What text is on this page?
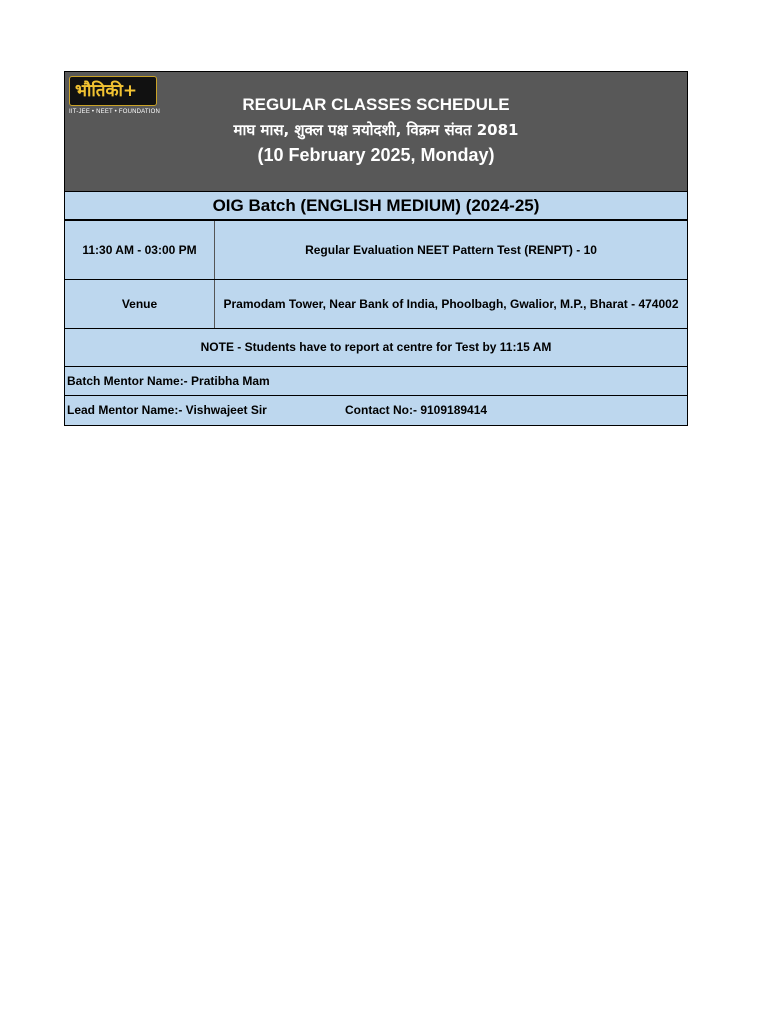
भौतिकी+
IIT-JEE • NEET • FOUNDATION	REGULAR CLASSES SCHEDULE
माघ मास, शुक्ल पक्ष त्रयोदशी, विक्रम संवत 2081
(10 February 2025, Monday)
OIG Batch (ENGLISH MEDIUM) (2024-25)
11:30 AM - 03:00 PM	Regular Evaluation NEET Pattern Test (RENPT) - 10
Venue	Pramodam Tower, Near Bank of India, Phoolbagh, Gwalior, M.P., Bharat - 474002
NOTE - Students have to report at centre for Test by 11:15 AM
Batch Mentor Name:- Pratibha Mam
Lead Mentor Name:- Vishwajeet Sir	Contact No:- 9109189414
